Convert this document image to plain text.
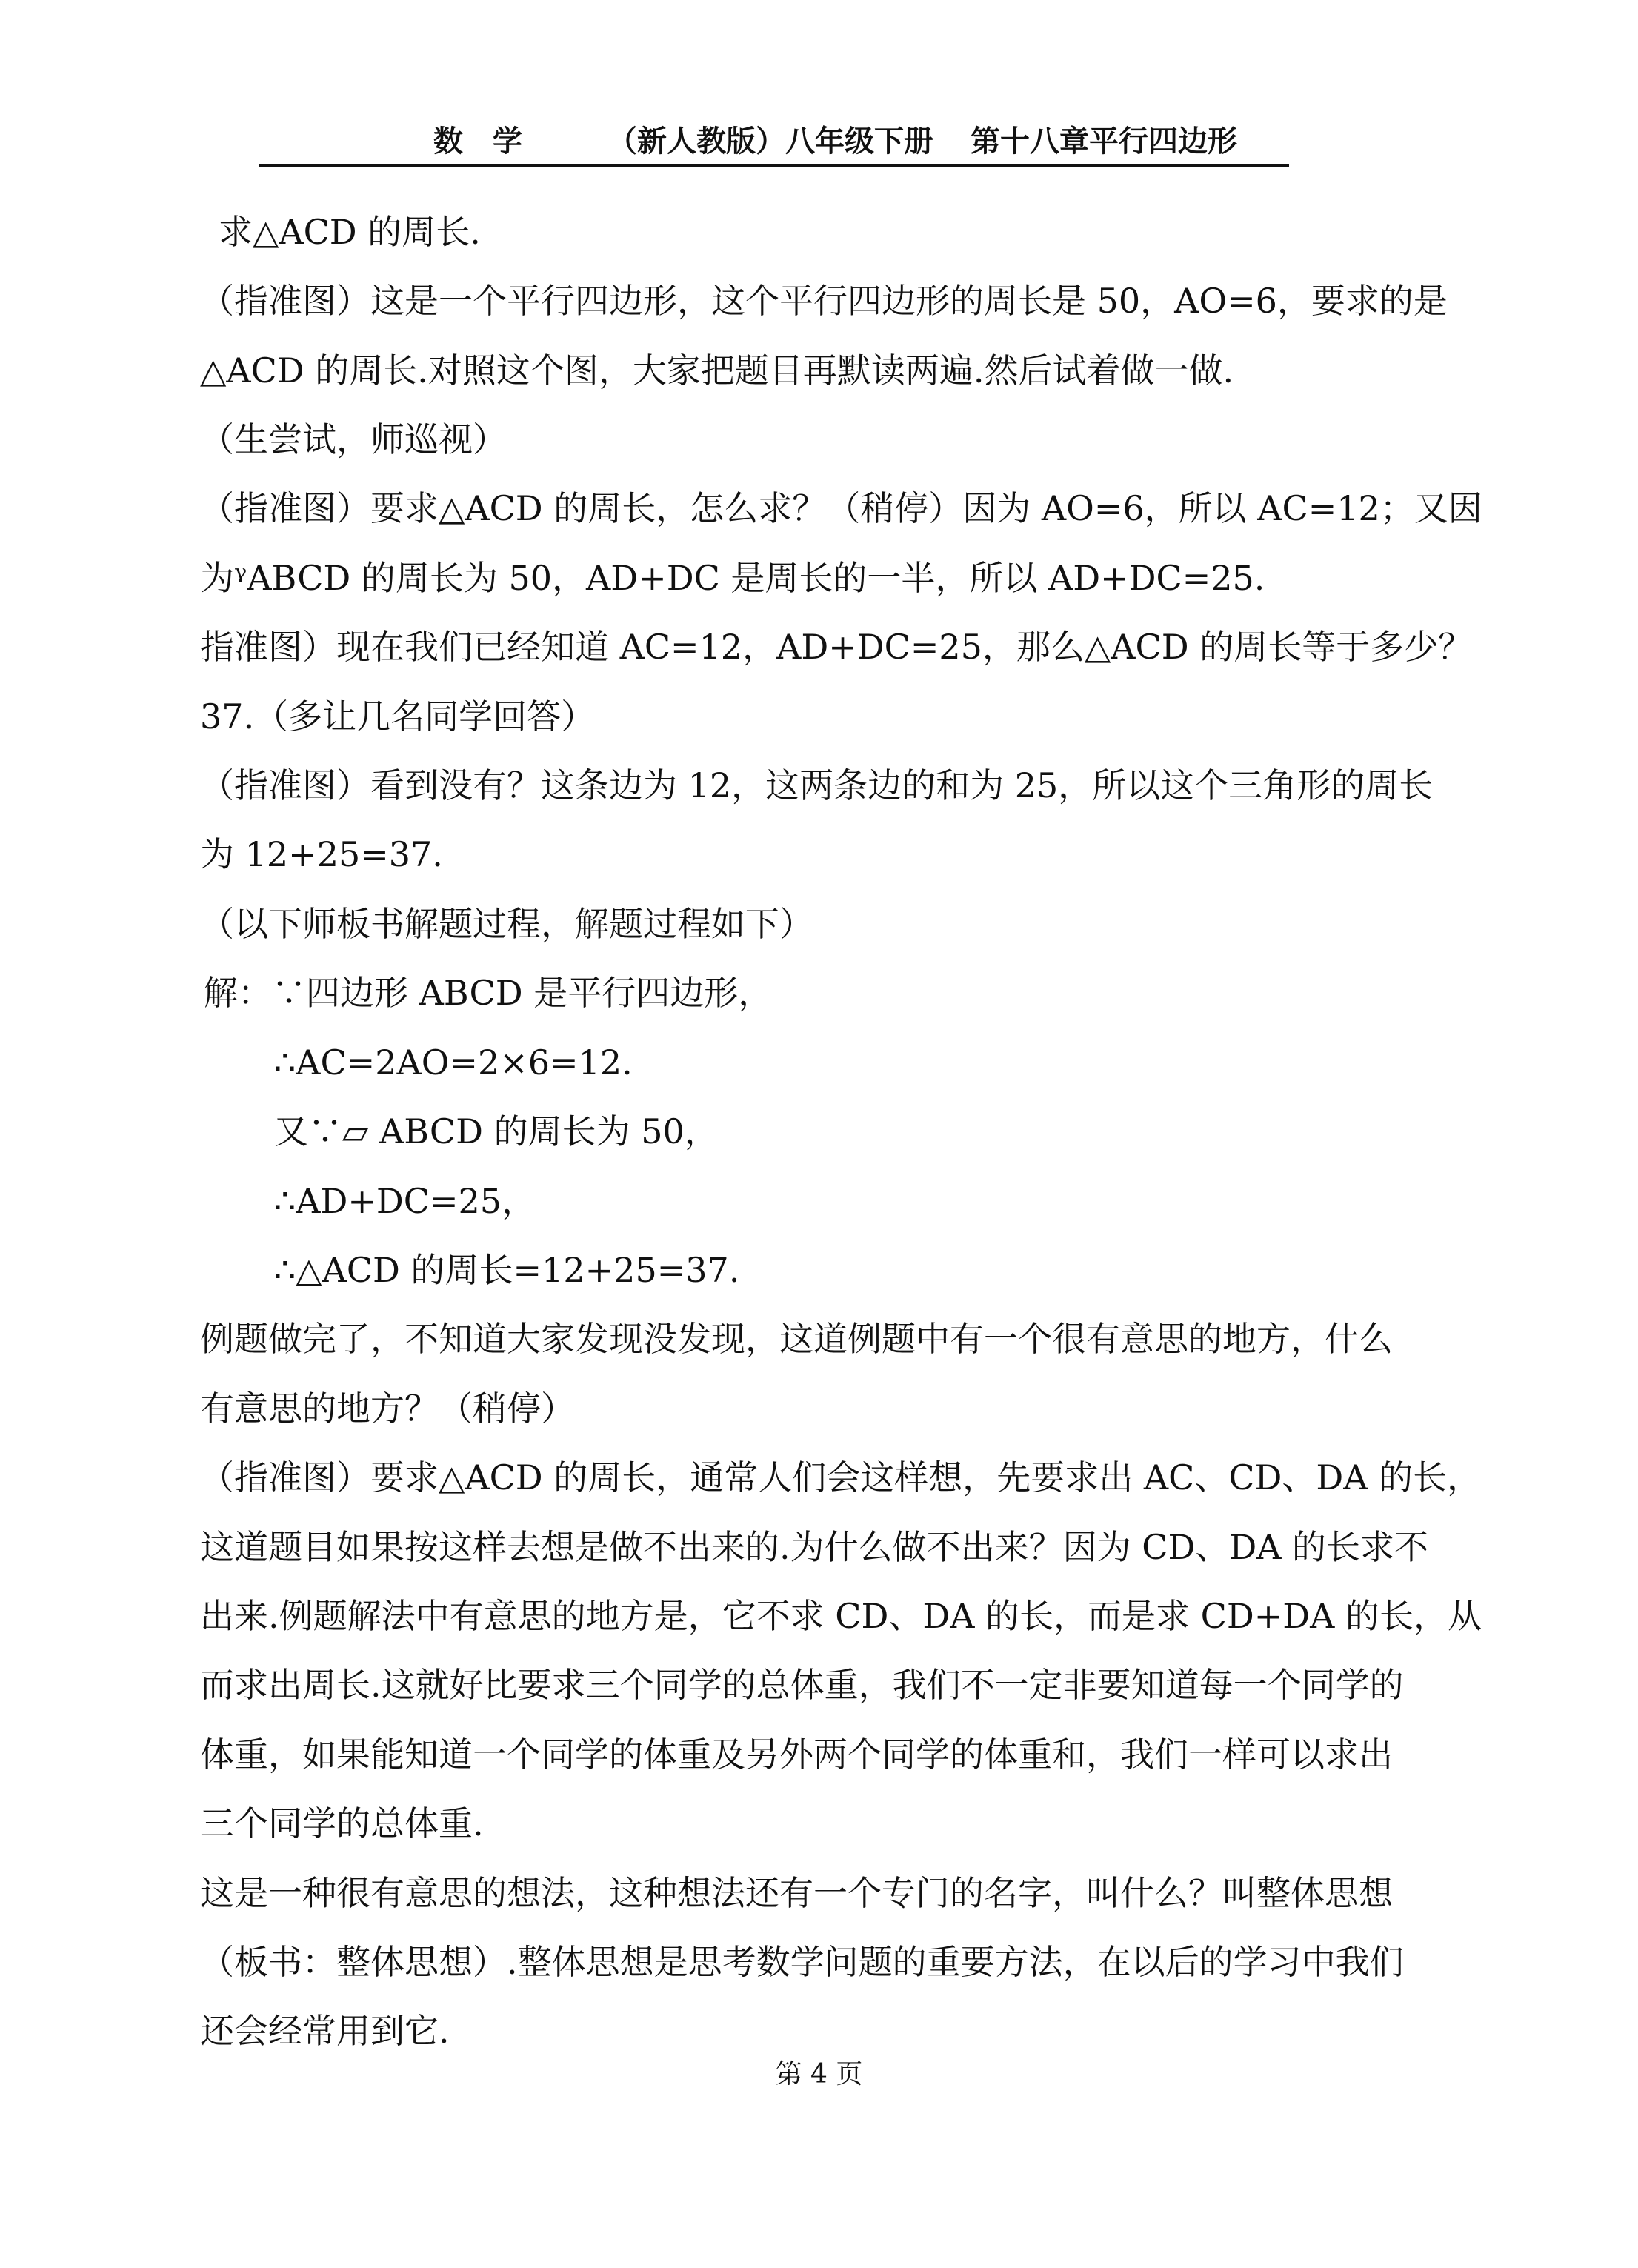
数学 （新人教版）八年级下册 第十八章平行四边形
求△ACD 的周长.
（指准图）这是一个平行四边形，这个平行四边形的周长是 50，AO=6，要求的是
△ACD 的周长.对照这个图，大家把题目再默读两遍.然后试着做一做.
（生尝试，师巡视）
（指准图）要求△ACD 的周长，怎么求？（稍停）因为 AO=6，所以 AC=12；又因
为ᵞABCD 的周长为 50，AD+DC 是周长的一半，所以 AD+DC=25.
指准图）现在我们已经知道 AC=12，AD+DC=25，那么△ACD 的周长等于多少？
37.（多让几名同学回答）
（指准图）看到没有？这条边为 12，这两条边的和为 25，所以这个三角形的周长
为 12+25=37.
（以下师板书解题过程，解题过程如下）
解：∵四边形 ABCD 是平行四边形，
∴AC=2AO=2×6=12.
又∵▱ ABCD 的周长为 50，
∴AD+DC=25，
∴△ACD 的周长=12+25=37.
例题做完了，不知道大家发现没发现，这道例题中有一个很有意思的地方，什么
有意思的地方？（稍停）
（指准图）要求△ACD 的周长，通常人们会这样想，先要求出 AC、CD、DA 的长，
这道题目如果按这样去想是做不出来的.为什么做不出来？因为 CD、DA 的长求不
出来.例题解法中有意思的地方是，它不求 CD、DA 的长，而是求 CD+DA 的长，从
而求出周长.这就好比要求三个同学的总体重，我们不一定非要知道每一个同学的
体重，如果能知道一个同学的体重及另外两个同学的体重和，我们一样可以求出
三个同学的总体重.
这是一种很有意思的想法，这种想法还有一个专门的名字，叫什么？叫整体思想
（板书：整体思想）.整体思想是思考数学问题的重要方法，在以后的学习中我们
还会经常用到它.
第 4 页
